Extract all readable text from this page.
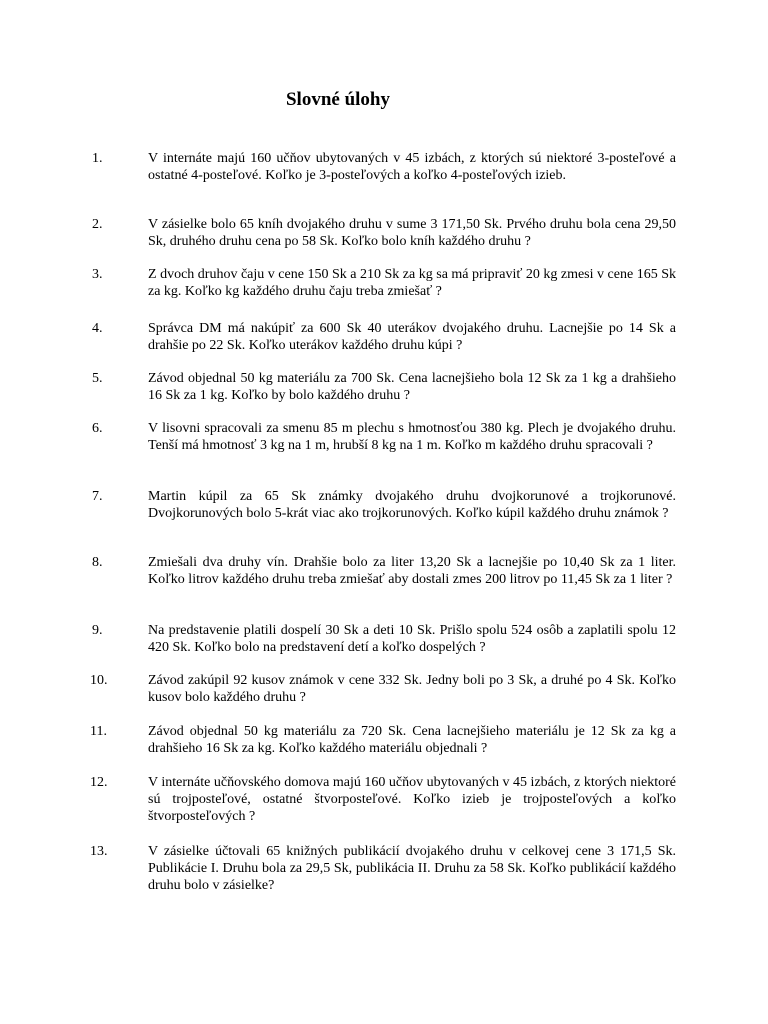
Slovné úlohy
1.	V internáte majú 160 učňov ubytovaných v 45 izbách, z ktorých sú niektoré 3-posteľové a ostatné 4-posteľové. Koľko je 3-posteľových a koľko 4-posteľových izieb.
2.	V zásielke bolo 65 kníh dvojakého druhu v sume 3 171,50 Sk. Prvého druhu bola cena 29,50 Sk, druhého druhu cena po 58 Sk. Koľko bolo kníh každého druhu ?
3.	Z dvoch druhov čaju v cene 150 Sk a 210 Sk za kg sa má pripraviť 20 kg zmesi v cene 165 Sk za kg. Koľko kg každého druhu čaju treba zmiešať ?
4.	Správca DM má nakúpiť za 600 Sk 40 uterákov dvojakého druhu. Lacnejšie po 14 Sk a drahšie po 22 Sk. Koľko uterákov každého druhu kúpi ?
5.	Závod objednal 50 kg materiálu za 700 Sk. Cena lacnejšieho bola 12 Sk za 1 kg a drahšieho 16 Sk za 1 kg. Koľko by bolo každého druhu ?
6.	V lisovni spracovali za smenu 85 m plechu s hmotnosťou 380 kg. Plech je dvojakého druhu. Tenší má hmotnosť 3 kg na 1 m, hrubší 8 kg na 1 m. Koľko m každého druhu spracovali ?
7.	Martin kúpil za 65 Sk známky dvojakého druhu dvojkorunové a trojkorunové. Dvojkorunových bolo 5-krát viac ako trojkorunových. Koľko kúpil každého druhu známok ?
8.	Zmiešali dva druhy vín. Drahšie bolo za liter 13,20 Sk a lacnejšie po 10,40 Sk za 1 liter. Koľko litrov každého druhu treba zmiešať aby dostali zmes 200 litrov po 11,45 Sk za 1 liter ?
9.	Na predstavenie platili dospelí 30 Sk a deti 10 Sk. Prišlo spolu 524 osôb a zaplatili spolu 12 420 Sk. Koľko bolo na predstavení detí a koľko dospelých ?
10.	Závod zakúpil 92 kusov známok v cene 332 Sk. Jedny boli po 3 Sk, a druhé po 4 Sk. Koľko kusov bolo každého druhu ?
11.	Závod objednal 50 kg materiálu za 720 Sk. Cena lacnejšieho materiálu je 12 Sk za kg a drahšieho 16 Sk za kg. Koľko každého materiálu objednali ?
12.	V internáte učňovského domova majú 160 učňov ubytovaných v 45 izbách, z ktorých niektoré sú trojposteľové, ostatné štvorposteľové. Koľko izieb je trojposteľových a koľko štvorposteľových ?
13.	V zásielke účtovali 65 knižných publikácií dvojakého druhu v celkovej cene 3 171,5 Sk. Publikácie I. Druhu bola za 29,5 Sk, publikácia II. Druhu za 58 Sk. Koľko publikácií každého druhu bolo v zásielke?
